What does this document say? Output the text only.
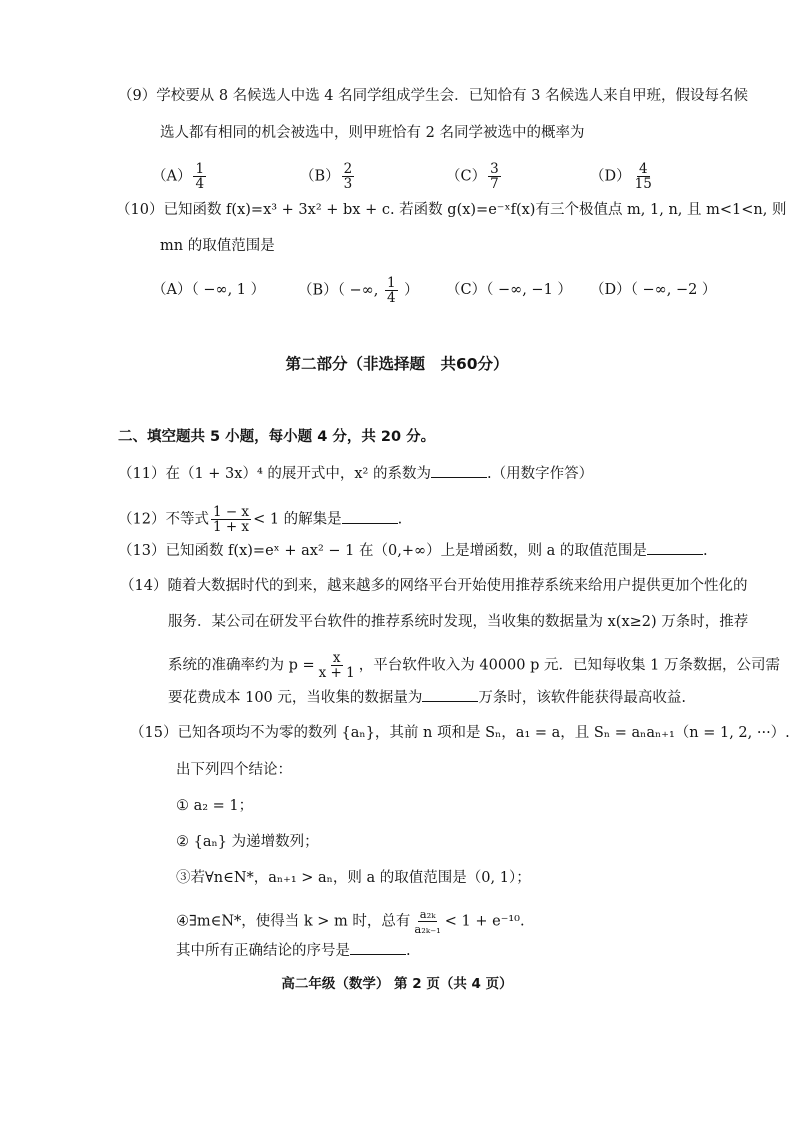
（9）学校要从 8 名候选人中选 4 名同学组成学生会．已知恰有 3 名候选人来自甲班，假设每名候
选人都有相同的机会被选中，则甲班恰有 2 名同学被选中的概率为
$(A) \frac{1}{4}$	$(B) \frac{2}{3}$	$(C) \frac{3}{7}$	$(D) \frac{4}{15}$
（10）已知函数 f(x)=x³ + 3x² + bx + c. 若函数 g(x)=e⁻ˣf(x)有三个极值点 m, 1, n, 且 m<1<n, 则
mn 的取值范围是
（A）（ −∞, 1 ） （B）（ −∞, $\frac{1}{4}$ ） （C）（ −∞, −1 ） （D）（ −∞, −2 ）
第二部分（非选择题　共60分）
二、填空题共 5 小题，每小题 4 分，共 20 分。
（11）在（1 + 3x）⁴ 的展开式中，x² 的系数为	.（用数字作答）
（12）不等式 $\frac{1 - x}{1 + x} < 1$ 的解集是	.
（13）已知函数 f(x)=eˣ + ax² − 1 在（0,+∞）上是增函数，则 a 的取值范围是	.
（14）随着大数据时代的到来，越来越多的网络平台开始使用推荐系统来给用户提供更加个性化的
服务．某公司在研发平台软件的推荐系统时发现，当收集的数据量为 x(x≥2) 万条时，推荐
系统的准确率约为 $p = \frac{x}{x + 1}$ ，平台软件收入为 40000 p 元．已知每收集 1 万条数据，公司需
要花费成本 100 元，当收集的数据量为	万条时，该软件能获得最高收益.
（15）已知各项均不为零的数列 {aₙ}，其前 n 项和是 Sₙ，a₁ = a，且 Sₙ = aₙaₙ₊₁（n = 1, 2, ···）.
出下列四个结论：
① a₂ = 1；
② {aₙ} 为递增数列；
③若∀n∈N*，aₙ₊₁ > aₙ，则 a 的取值范围是（0, 1）；
④∃m∈N*，使得当 k > m 时，总有 $\frac{\text{a₂ₖ}}{\text{a₂ₖ₋₁}} < 1 + e^{-10}$.
其中所有正确结论的序号是	.
高二年级（数学） 第 2 页（共 4 页）
